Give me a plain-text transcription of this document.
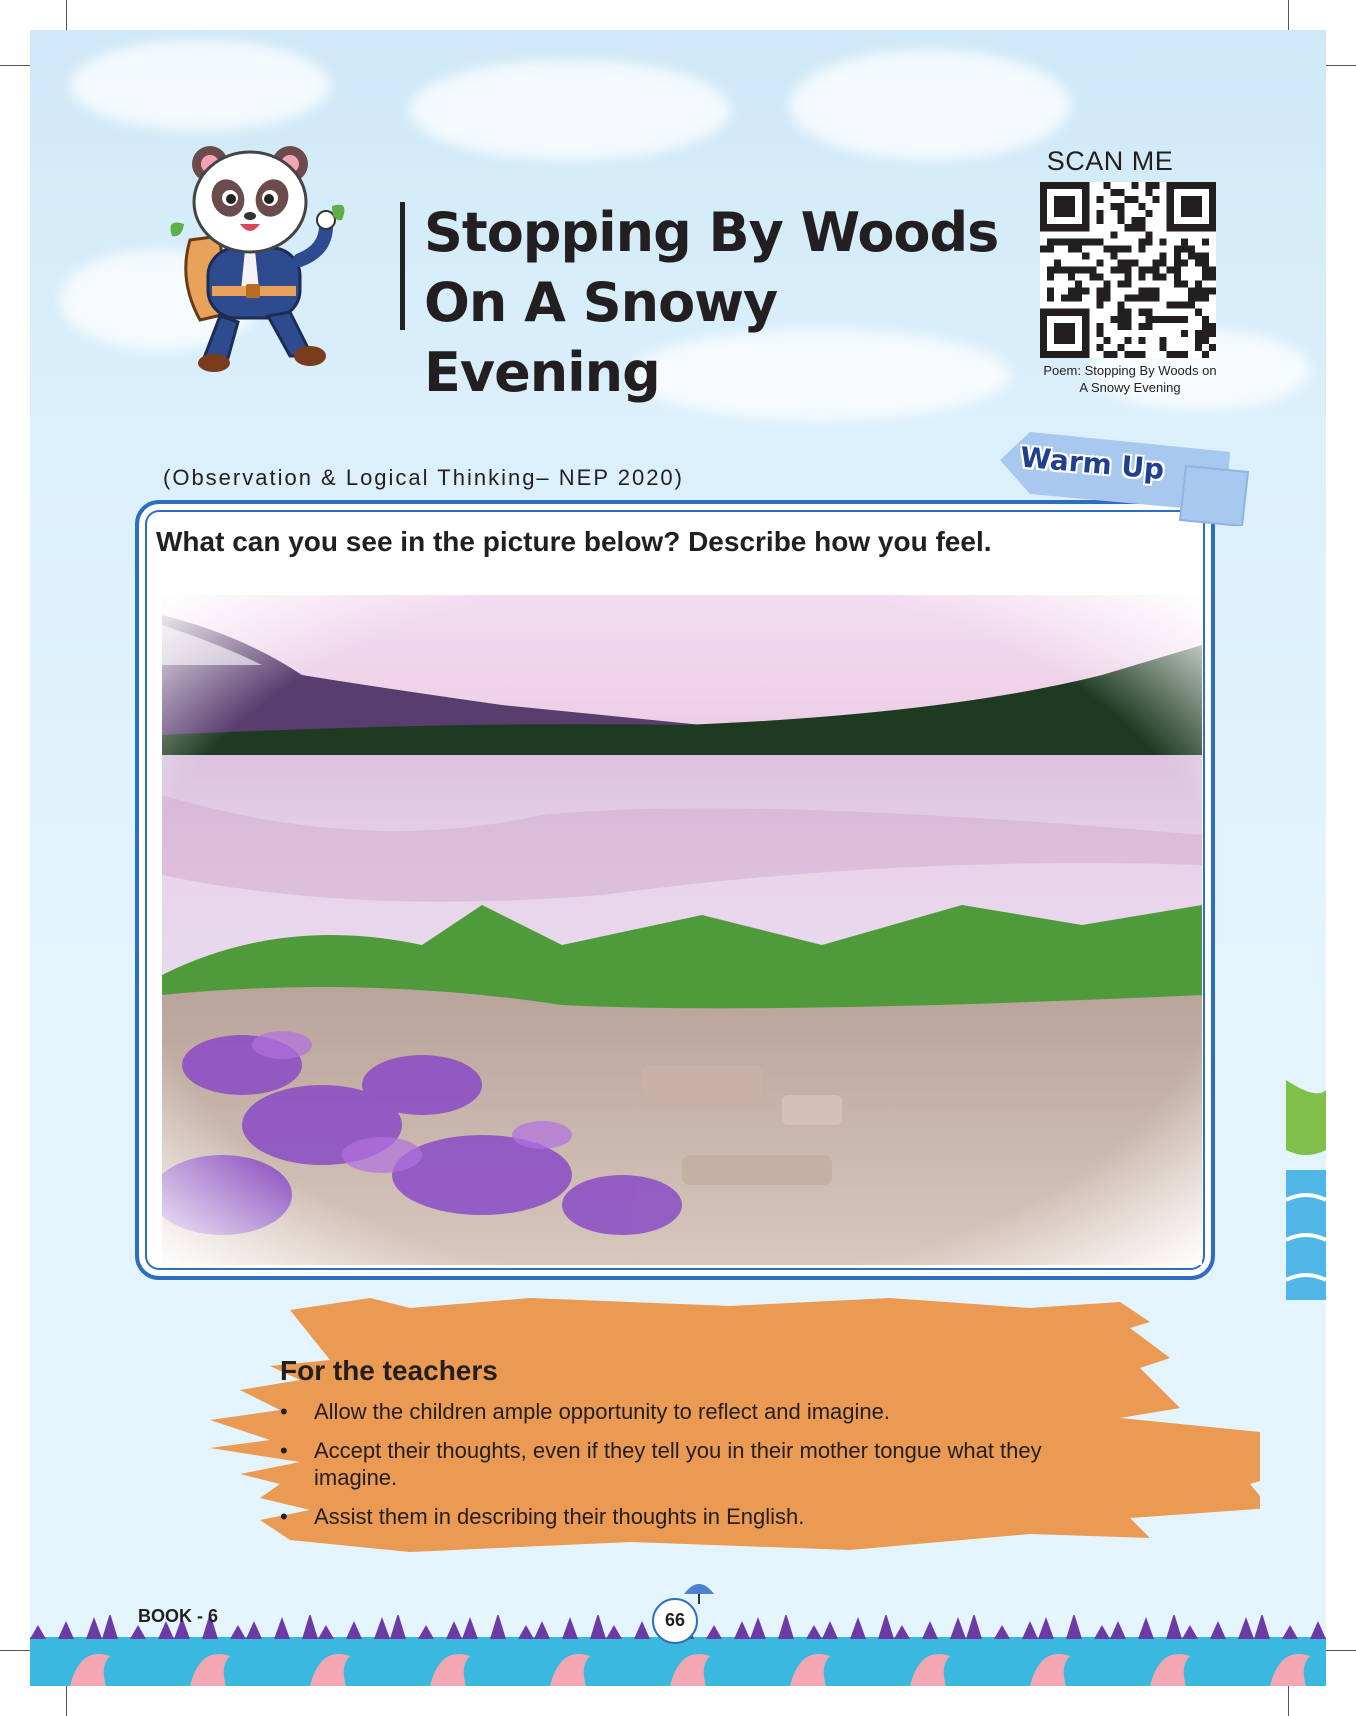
Stopping By Woods
On A Snowy Evening
SCAN ME
Poem: Stopping By Woods on
A Snowy Evening
(Observation & Logical Thinking– NEP 2020)
What can you see in the picture below? Describe how you feel.
Warm Up
For the teachers
• Allow the children ample opportunity to reflect and imagine.
• Accept their thoughts, even if they tell you in their mother tongue what they imagine.
• Assist them in describing their thoughts in English.
BOOK - 6	66
